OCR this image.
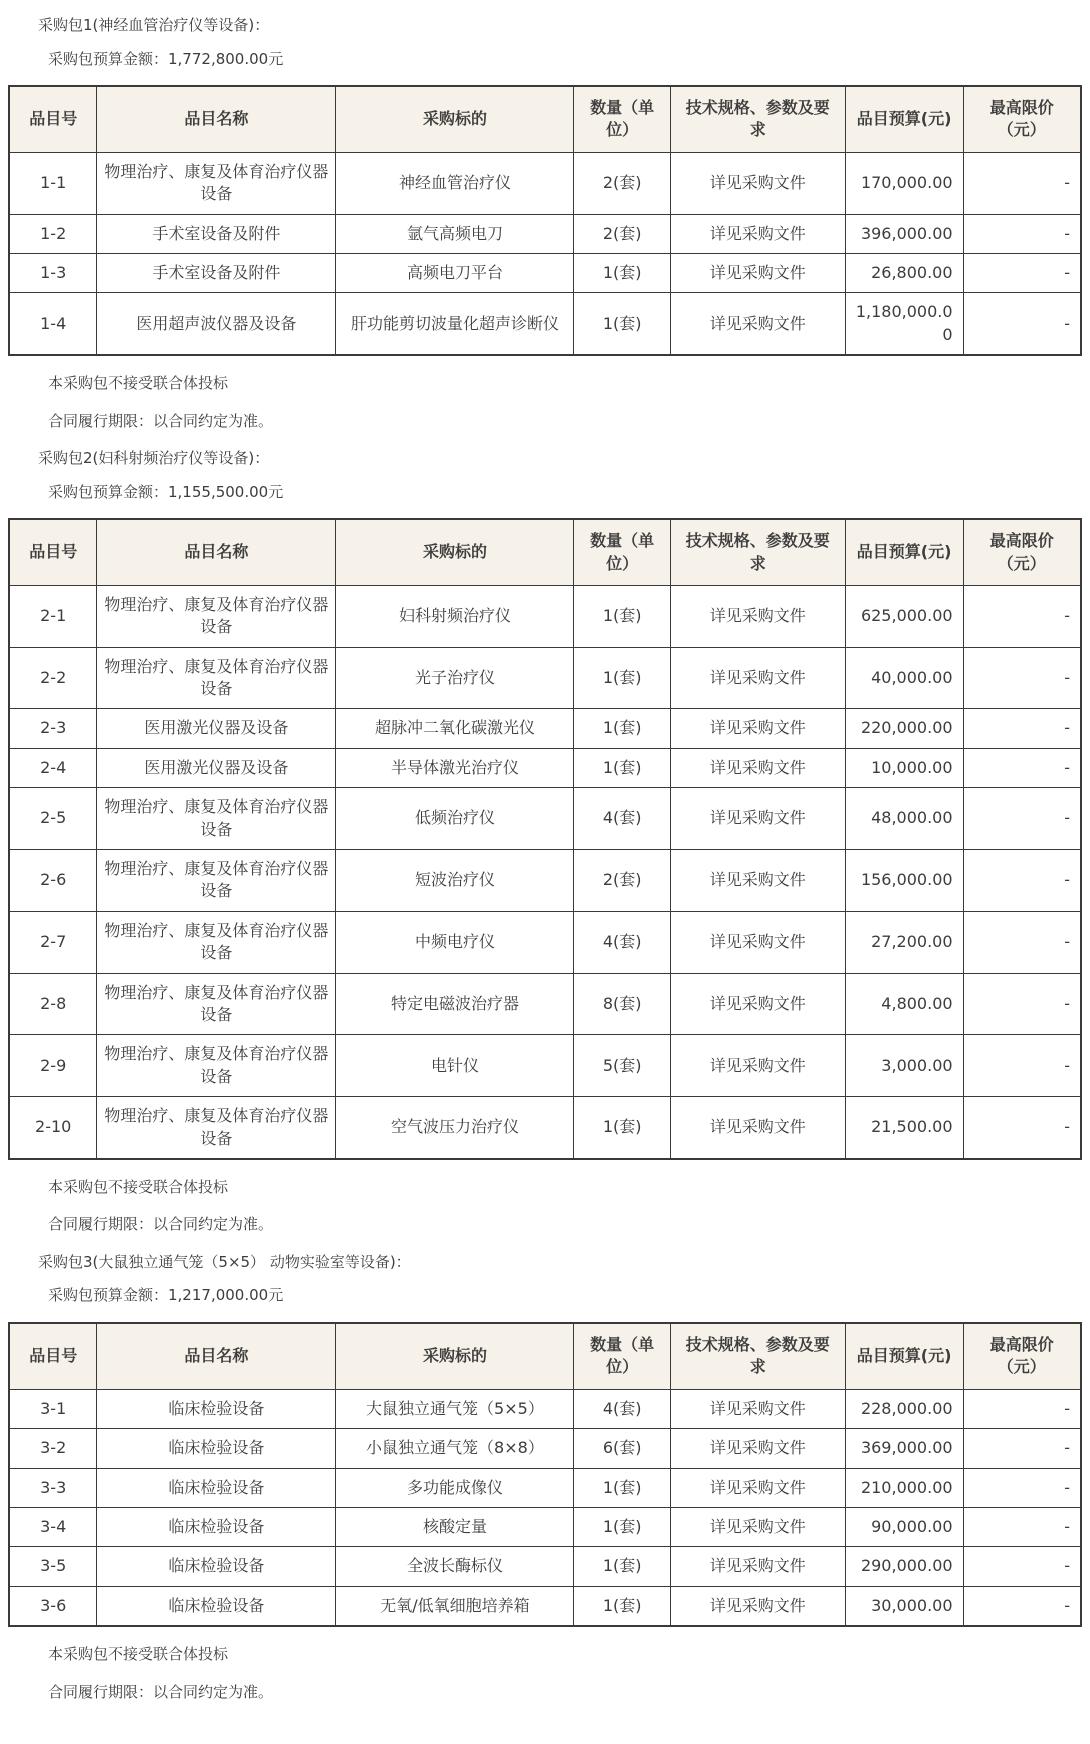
采购包1(神经血管治疗仪等设备)：

采购包预算金额：1,772,800.00元

品目号	品目名称	采购标的	数量（单位）	技术规格、参数及要求	品目预算(元)	最高限价（元）
1-1	物理治疗、康复及体育治疗仪器设备	神经血管治疗仪	2(套)	详见采购文件	170,000.00	-
1-2	手术室设备及附件	氩气高频电刀	2(套)	详见采购文件	396,000.00	-
1-3	手术室设备及附件	高频电刀平台	1(套)	详见采购文件	26,800.00	-
1-4	医用超声波仪器及设备	肝功能剪切波量化超声诊断仪	1(套)	详见采购文件	1,180,000.00	-

本采购包不接受联合体投标

合同履行期限：以合同约定为准。

采购包2(妇科射频治疗仪等设备)：

采购包预算金额：1,155,500.00元

品目号	品目名称	采购标的	数量（单位）	技术规格、参数及要求	品目预算(元)	最高限价（元）
2-1	物理治疗、康复及体育治疗仪器设备	妇科射频治疗仪	1(套)	详见采购文件	625,000.00	-
2-2	物理治疗、康复及体育治疗仪器设备	光子治疗仪	1(套)	详见采购文件	40,000.00	-
2-3	医用激光仪器及设备	超脉冲二氧化碳激光仪	1(套)	详见采购文件	220,000.00	-
2-4	医用激光仪器及设备	半导体激光治疗仪	1(套)	详见采购文件	10,000.00	-
2-5	物理治疗、康复及体育治疗仪器设备	低频治疗仪	4(套)	详见采购文件	48,000.00	-
2-6	物理治疗、康复及体育治疗仪器设备	短波治疗仪	2(套)	详见采购文件	156,000.00	-
2-7	物理治疗、康复及体育治疗仪器设备	中频电疗仪	4(套)	详见采购文件	27,200.00	-
2-8	物理治疗、康复及体育治疗仪器设备	特定电磁波治疗器	8(套)	详见采购文件	4,800.00	-
2-9	物理治疗、康复及体育治疗仪器设备	电针仪	5(套)	详见采购文件	3,000.00	-
2-10	物理治疗、康复及体育治疗仪器设备	空气波压力治疗仪	1(套)	详见采购文件	21,500.00	-

本采购包不接受联合体投标

合同履行期限：以合同约定为准。

采购包3(大鼠独立通气笼（5×5） 动物实验室等设备)：

采购包预算金额：1,217,000.00元

品目号	品目名称	采购标的	数量（单位）	技术规格、参数及要求	品目预算(元)	最高限价（元）
3-1	临床检验设备	大鼠独立通气笼（5×5）	4(套)	详见采购文件	228,000.00	-
3-2	临床检验设备	小鼠独立通气笼（8×8）	6(套)	详见采购文件	369,000.00	-
3-3	临床检验设备	多功能成像仪	1(套)	详见采购文件	210,000.00	-
3-4	临床检验设备	核酸定量	1(套)	详见采购文件	90,000.00	-
3-5	临床检验设备	全波长酶标仪	1(套)	详见采购文件	290,000.00	-
3-6	临床检验设备	无氧/低氧细胞培养箱	1(套)	详见采购文件	30,000.00	-

本采购包不接受联合体投标

合同履行期限：以合同约定为准。
